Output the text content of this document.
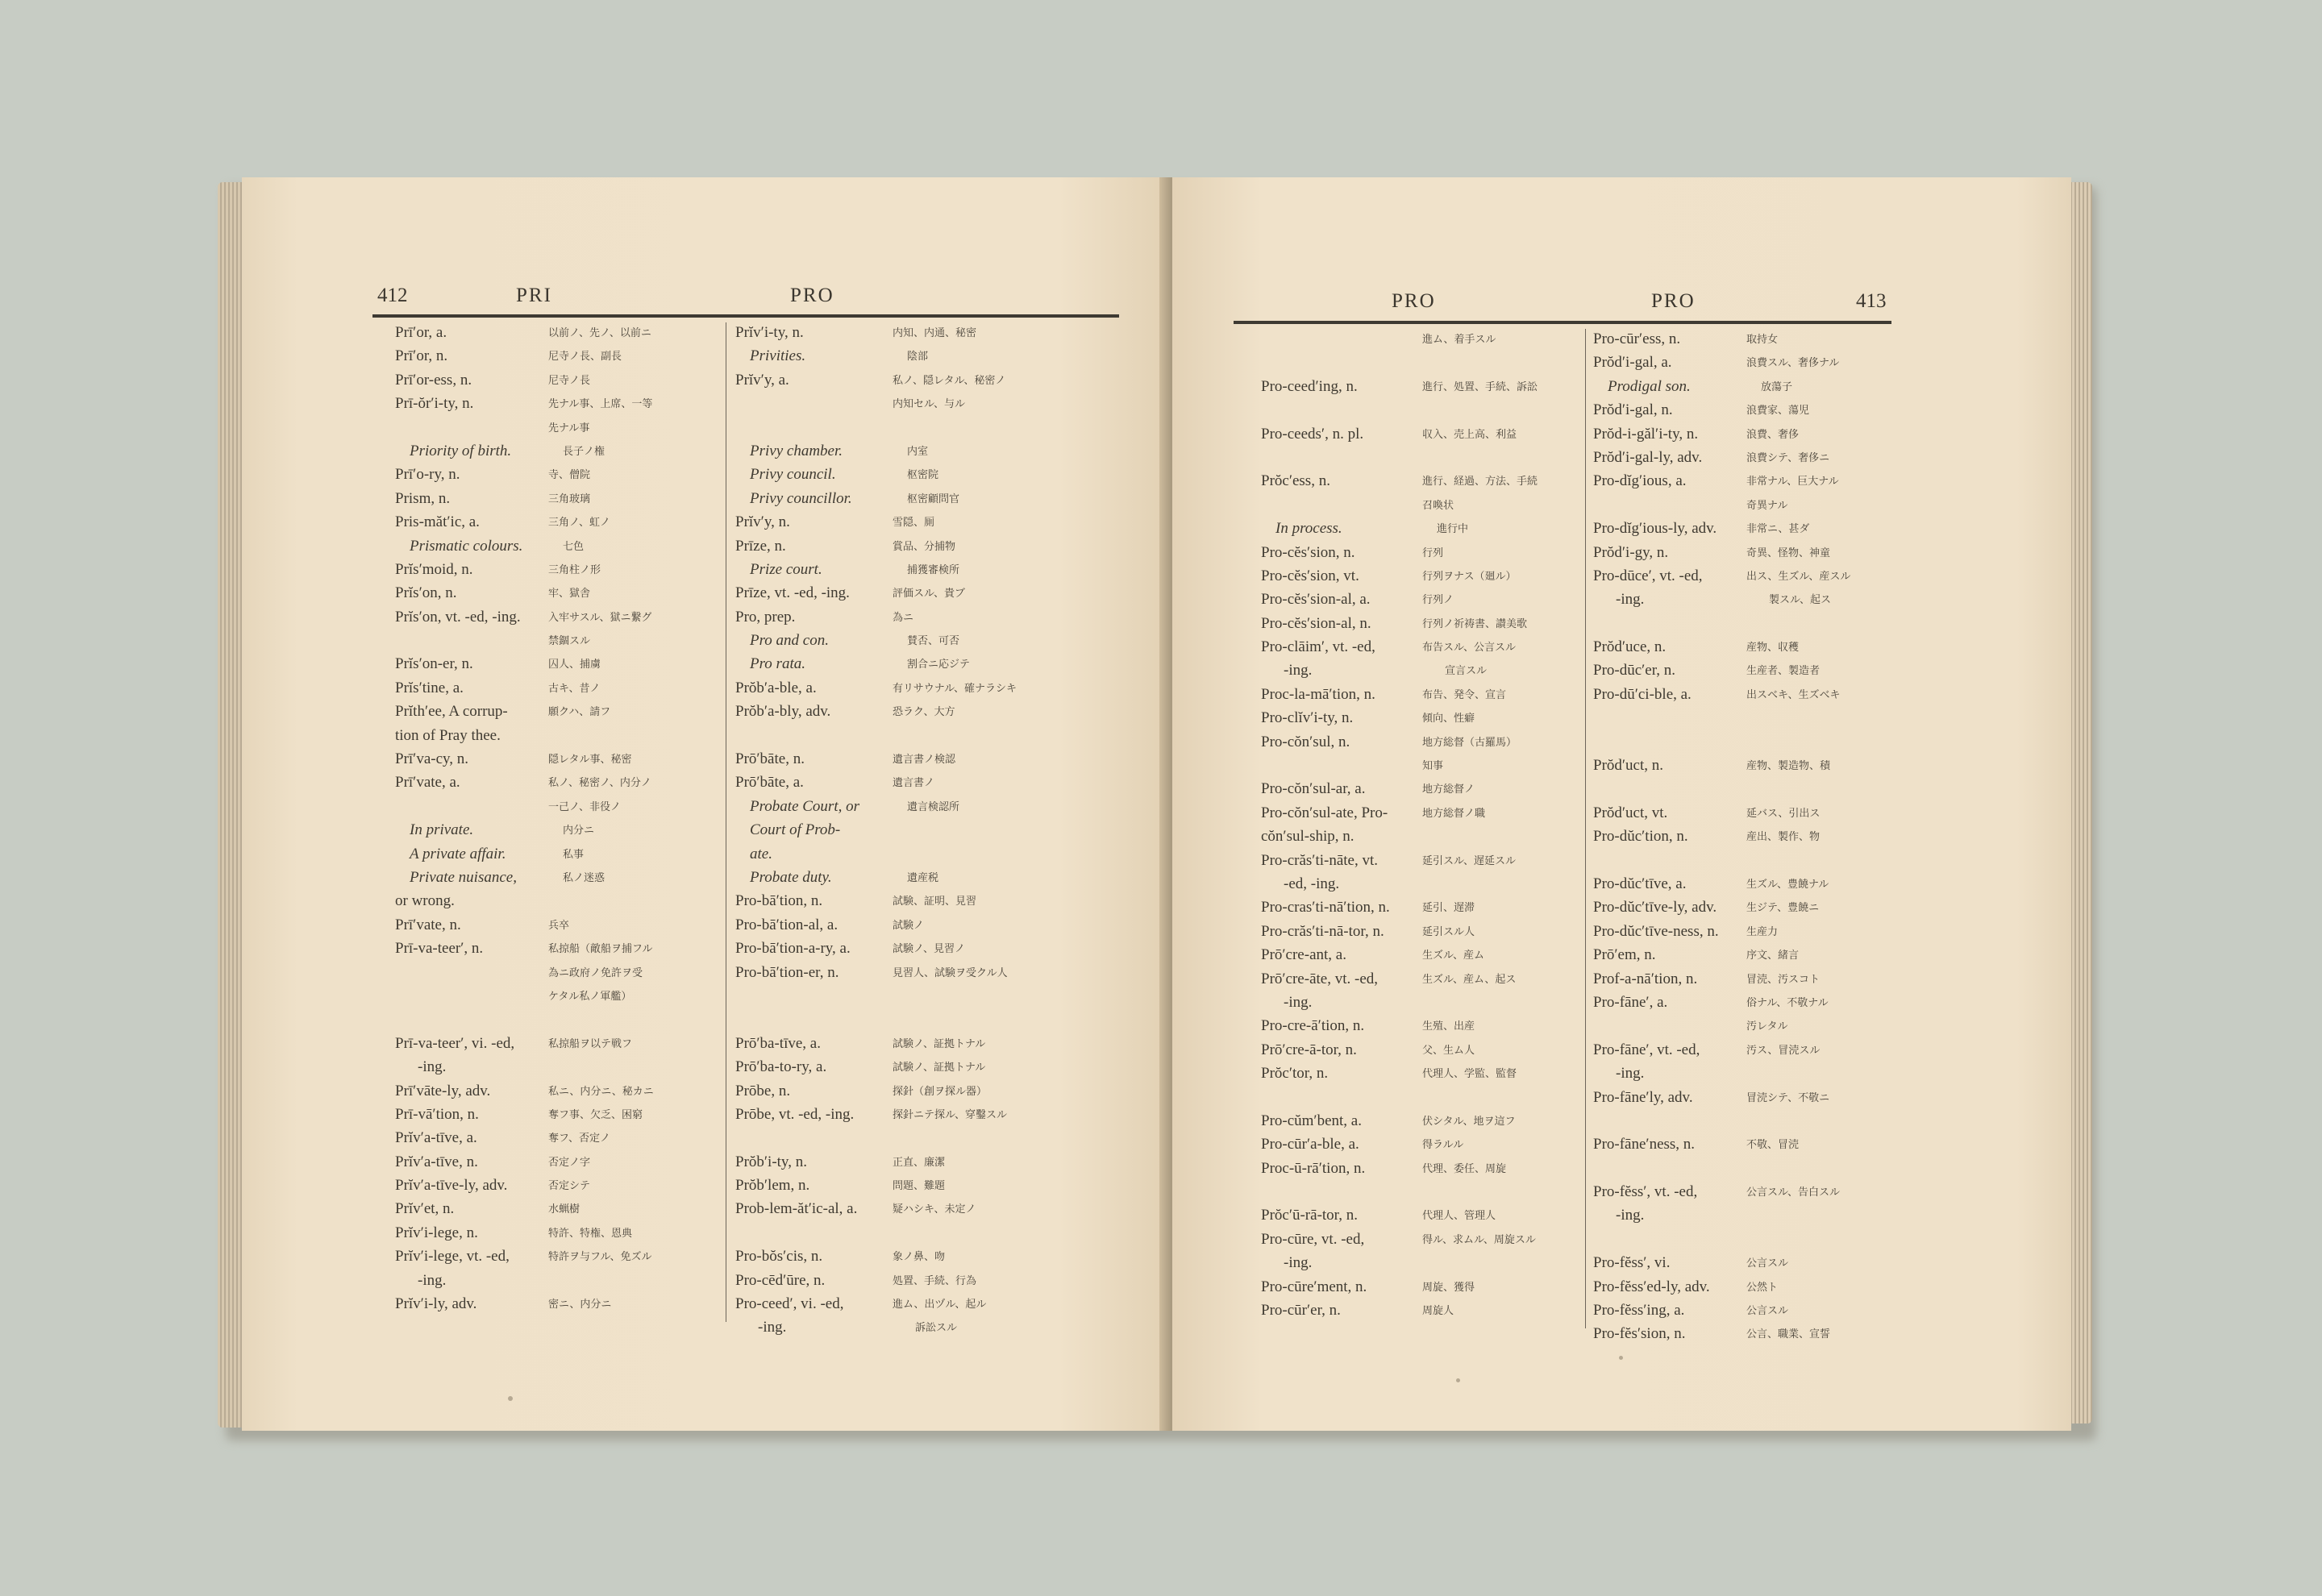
412	PRI	PRO
Prī′or, a.	以前ノ、先ノ、以前ニ
Prī′or, n.	尼寺ノ長、副長
Prī′or-ess, n.	尼寺ノ長
Prī-ŏr′i-ty, n.	先ナル事、上席、一等
先ナル事
Priority of birth.	長子ノ権
Prī′o-ry, n.	寺、僧院
Prism, n.	三角玻璃
Pris-măt′ic, a.	三角ノ、虹ノ
Prismatic colours.	七色
Prĭs′moid, n.	三角柱ノ形
Prĭs′on, n.	牢、獄舎
Prĭs′on, vt. -ed, -ing.	入牢サスル、獄ニ繋グ
禁錮スル
Prĭs′on-er, n.	囚人、捕虜
Prĭs′tine, a.	古キ、昔ノ
Prĭth′ee, A corrup-	願クハ、請フ
tion of Pray thee.
Prī′va-cy, n.	隠レタル事、秘密
Prī′vate, a.	私ノ、秘密ノ、内分ノ
一己ノ、非役ノ
In private.	内分ニ
A private affair.	私事
Private nuisance,	私ノ迷惑
or wrong.
Prī′vate, n.	兵卒
Prī-va-teer′, n.	私掠船（敵船ヲ捕フル
為ニ政府ノ免許ヲ受
ケタル私ノ軍艦）
Prī-va-teer′, vi. -ed,	私掠船ヲ以テ戦フ
-ing.
Prī′vāte-ly, adv.	私ニ、内分ニ、秘カニ
Prī-vā′tion, n.	奪フ事、欠乏、困窮
Prĭv′a-tīve, a.	奪フ、否定ノ
Prĭv′a-tīve, n.	否定ノ字
Prĭv′a-tīve-ly, adv.	否定シテ
Prĭv′et, n.	水蝋樹
Prĭv′i-lege, n.	特許、特権、恩典
Prĭv′i-lege, vt. -ed,	特許ヲ与フル、免ズル
-ing.
Prĭv′i-ly, adv.	密ニ、内分ニ
Prĭv′i-ty, n.	内知、内通、秘密
Privities.	陰部
Prĭv′y, a.	私ノ、隠レタル、秘密ノ
内知セル、与ル
Privy chamber.	内室
Privy council.	枢密院
Privy councillor.	枢密顧問官
Prĭv′y, n.	雪隠、厠
Prīze, n.	賞品、分捕物
Prize court.	捕獲審検所
Prīze, vt. -ed, -ing.	評価スル、貴ブ
Pro, prep.	為ニ
Pro and con.	賛否、可否
Pro rata.	割合ニ応ジテ
Prŏb′a-ble, a.	有リサウナル、確ナラシキ
Prŏb′a-bly, adv.	恐ラク、大方
Prō′bāte, n.	遺言書ノ検認
Prō′bāte, a.	遺言書ノ
Probate Court, or	遺言検認所
Court of Prob-
ate.
Probate duty.	遺産税
Pro-bā′tion, n.	試験、証明、見習
Pro-bā′tion-al, a.	試験ノ
Pro-bā′tion-a-ry, a.	試験ノ、見習ノ
Pro-bā′tion-er, n.	見習人、試験ヲ受クル人
Prō′ba-tīve, a.	試験ノ、証拠トナル
Prō′ba-to-ry, a.	試験ノ、証拠トナル
Prōbe, n.	探針（創ヲ探ル器）
Prōbe, vt. -ed, -ing.	探針ニテ探ル、穿鑿スル
Prŏb′i-ty, n.	正直、廉潔
Prŏb′lem, n.	問題、難題
Prob-lem-ăt′ic-al, a.	疑ハシキ、未定ノ
Pro-bŏs′cis, n.	象ノ鼻、吻
Pro-cēd′ūre, n.	処置、手続、行為
Pro-ceed′, vi. -ed,	進ム、出ヅル、起ル
-ing.	訴訟スル
PRO	PRO	413
進ム、着手スル
Pro-ceed′ing, n.	進行、処置、手続、訴訟
Pro-ceeds′, n. pl.	収入、売上高、利益
Prŏc′ess, n.	進行、経過、方法、手続
召喚状
In process.	進行中
Pro-cĕs′sion, n.	行列
Pro-cĕs′sion, vt.	行列ヲナス（廻ル）
Pro-cĕs′sion-al, a.	行列ノ
Pro-cĕs′sion-al, n.	行列ノ祈祷書、讃美歌
Pro-clāim′, vt. -ed,	布告スル、公言スル
-ing.	宣言スル
Proc-la-mā′tion, n.	布告、発令、宣言
Pro-clĭv′i-ty, n.	傾向、性癖
Pro-cŏn′sul, n.	地方総督（古羅馬）
知事
Pro-cŏn′sul-ar, a.	地方総督ノ
Pro-cŏn′sul-ate, Pro-	地方総督ノ職
cŏn′sul-ship, n.
Pro-crăs′ti-nāte, vt.	延引スル、遅延スル
-ed, -ing.
Pro-cras′ti-nā′tion, n.	延引、遅滞
Pro-crăs′ti-nā-tor, n.	延引スル人
Prō′cre-ant, a.	生ズル、産ム
Prō′cre-āte, vt. -ed,	生ズル、産ム、起ス
-ing.
Pro-cre-ā′tion, n.	生殖、出産
Prō′cre-ā-tor, n.	父、生ム人
Prŏc′tor, n.	代理人、学監、監督
Pro-cŭm′bent, a.	伏シタル、地ヲ這フ
Pro-cūr′a-ble, a.	得ラルル
Proc-ū-rā′tion, n.	代理、委任、周旋
Prŏc′ū-rā-tor, n.	代理人、管理人
Pro-cūre, vt. -ed,	得ル、求ムル、周旋スル
-ing.
Pro-cūre′ment, n.	周旋、獲得
Pro-cūr′er, n.	周旋人
Pro-cūr′ess, n.	取持女
Prŏd′i-gal, a.	浪費スル、奢侈ナル
Prodigal son.	放蕩子
Prŏd′i-gal, n.	浪費家、蕩児
Prŏd-i-găl′i-ty, n.	浪費、奢侈
Prŏd′i-gal-ly, adv.	浪費シテ、奢侈ニ
Pro-dĭg′ious, a.	非常ナル、巨大ナル
奇異ナル
Pro-dĭg′ious-ly, adv.	非常ニ、甚ダ
Prŏd′i-gy, n.	奇異、怪物、神童
Pro-dūce′, vt. -ed,	出ス、生ズル、産スル
-ing.	製スル、起ス
Prŏd′uce, n.	産物、収穫
Pro-dūc′er, n.	生産者、製造者
Pro-dū′ci-ble, a.	出スベキ、生ズベキ
Prŏd′uct, n.	産物、製造物、積
Prŏd′uct, vt.	延バス、引出ス
Pro-dŭc′tion, n.	産出、製作、物
Pro-dŭc′tīve, a.	生ズル、豊饒ナル
Pro-dŭc′tīve-ly, adv.	生ジテ、豊饒ニ
Pro-dŭc′tīve-ness, n.	生産力
Prō′em, n.	序文、緒言
Prof-a-nā′tion, n.	冒涜、汚スコト
Pro-fāne′, a.	俗ナル、不敬ナル
汚レタル
Pro-fāne′, vt. -ed,	汚ス、冒涜スル
-ing.
Pro-fāne′ly, adv.	冒涜シテ、不敬ニ
Pro-fāne′ness, n.	不敬、冒涜
Pro-fĕss′, vt. -ed,	公言スル、告白スル
-ing.
Pro-fĕss′, vi.	公言スル
Pro-fĕss′ed-ly, adv.	公然ト
Pro-fĕss′ing, a.	公言スル
Pro-fĕs′sion, n.	公言、職業、宣誓
